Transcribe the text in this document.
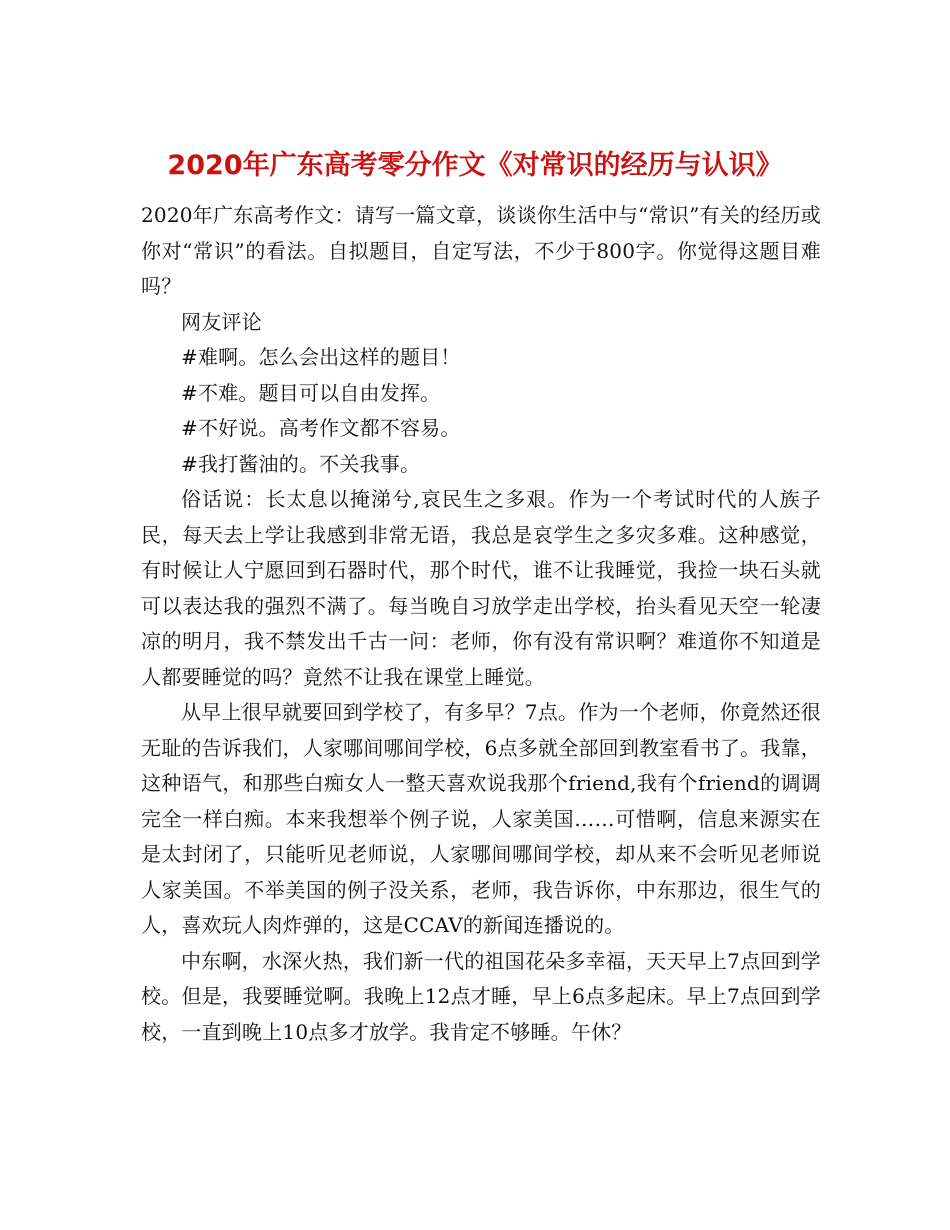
2020年广东高考零分作文《对常识的经历与认识》

2020年广东高考作文：请写一篇文章，谈谈你生活中与“常识”有关的经历或你对“常识”的看法。自拟题目，自定写法，不少于800字。你觉得这题目难吗？

网友评论

#难啊。怎么会出这样的题目！

#不难。题目可以自由发挥。

#不好说。高考作文都不容易。

#我打酱油的。不关我事。

俗话说：长太息以掩涕兮,哀民生之多艰。作为一个考试时代的人族子民，每天去上学让我感到非常无语，我总是哀学生之多灾多难。这种感觉，有时候让人宁愿回到石器时代，那个时代，谁不让我睡觉，我捡一块石头就可以表达我的强烈不满了。每当晚自习放学走出学校，抬头看见天空一轮凄凉的明月，我不禁发出千古一问：老师，你有没有常识啊？难道你不知道是人都要睡觉的吗？竟然不让我在课堂上睡觉。

从早上很早就要回到学校了，有多早？7点。作为一个老师，你竟然还很无耻的告诉我们，人家哪间哪间学校，6点多就全部回到教室看书了。我靠，这种语气，和那些白痴女人一整天喜欢说我那个friend,我有个friend的调调完全一样白痴。本来我想举个例子说，人家美国……可惜啊，信息来源实在是太封闭了，只能听见老师说，人家哪间哪间学校，却从来不会听见老师说人家美国。不举美国的例子没关系，老师，我告诉你，中东那边，很生气的人，喜欢玩人肉炸弹的，这是CCAV的新闻连播说的。

中东啊，水深火热，我们新一代的祖国花朵多幸福，天天早上7点回到学校。但是，我要睡觉啊。我晚上12点才睡，早上6点多起床。早上7点回到学校，一直到晚上10点多才放学。我肯定不够睡。午休？
